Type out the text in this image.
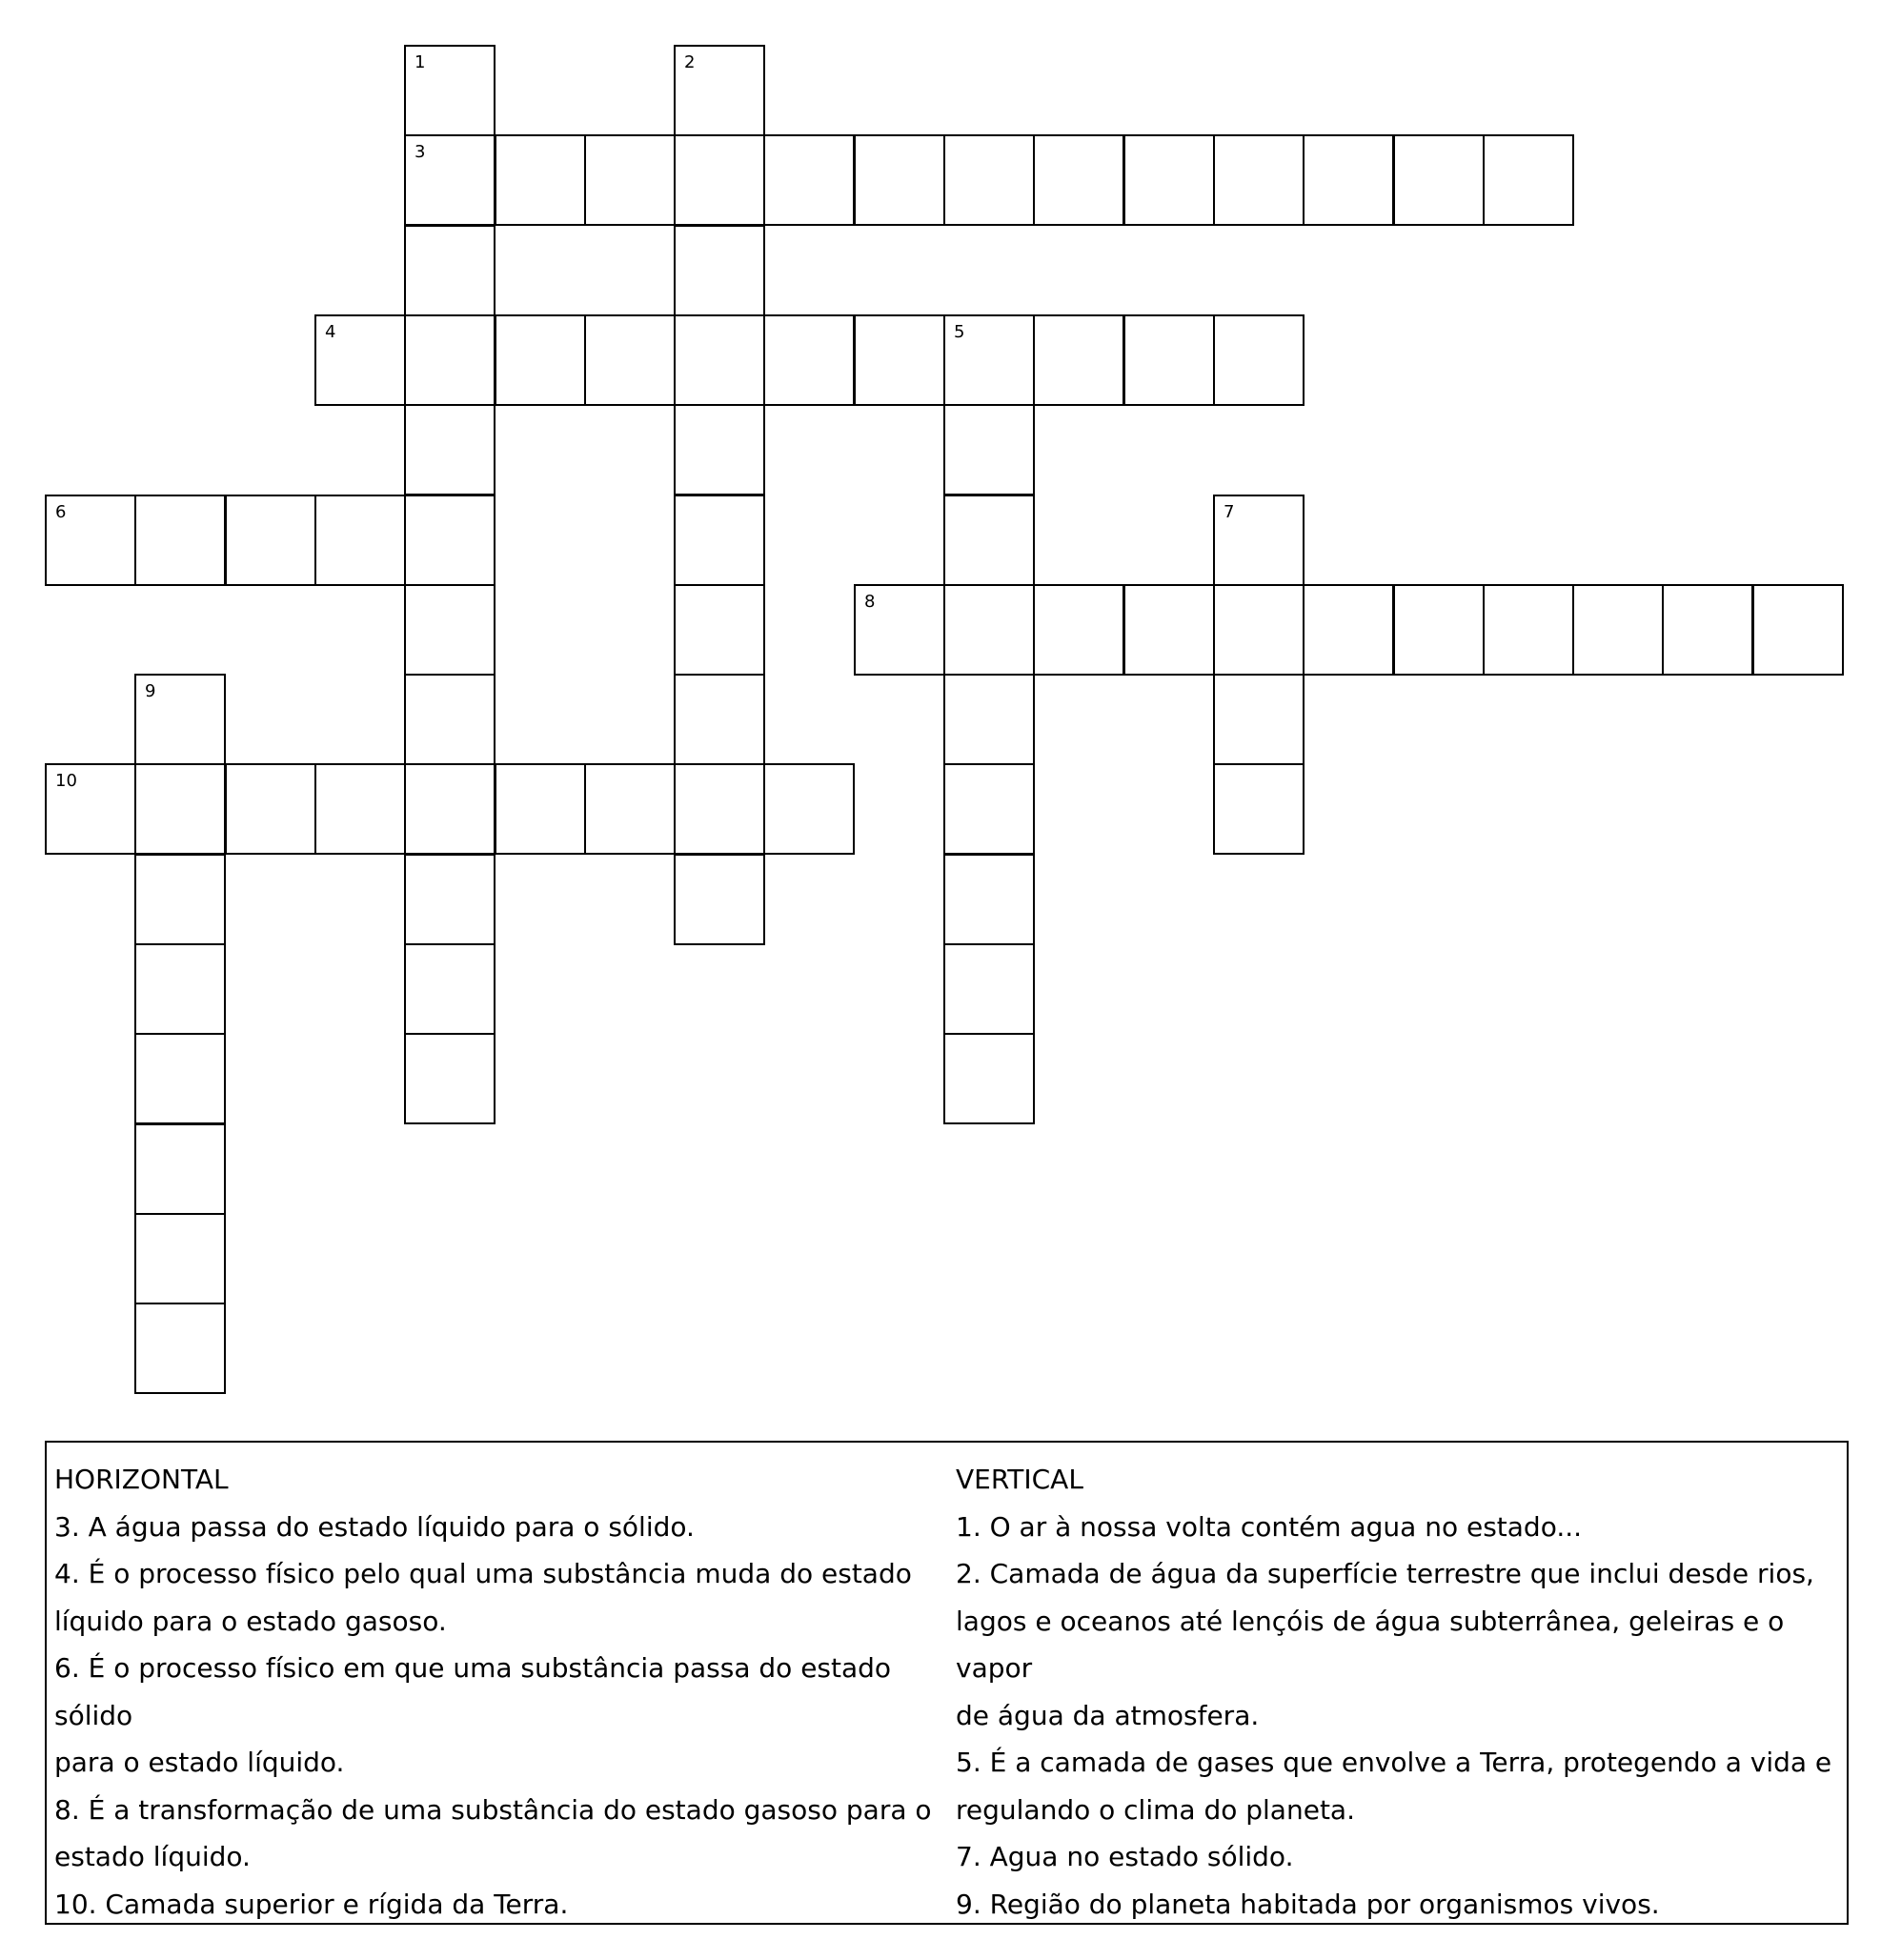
1	2
3
4	5
6	7
8
9
10
HORIZONTAL
3. A água passa do estado líquido para o sólido.
4. É o processo físico pelo qual uma substância muda do estado
líquido para o estado gasoso.
6. É o processo físico em que uma substância passa do estado sólido
para o estado líquido.
8. É a transformação de uma substância do estado gasoso para o
estado líquido.
10. Camada superior e rígida da Terra.
VERTICAL
1. O ar à nossa volta contém agua no estado...
2. Camada de água da superfície terrestre que inclui desde rios,
lagos e oceanos até lençóis de água subterrânea, geleiras e o vapor
de água da atmosfera.
5. É a camada de gases que envolve a Terra, protegendo a vida e
regulando o clima do planeta.
7. Agua no estado sólido.
9. Região do planeta habitada por organismos vivos.
